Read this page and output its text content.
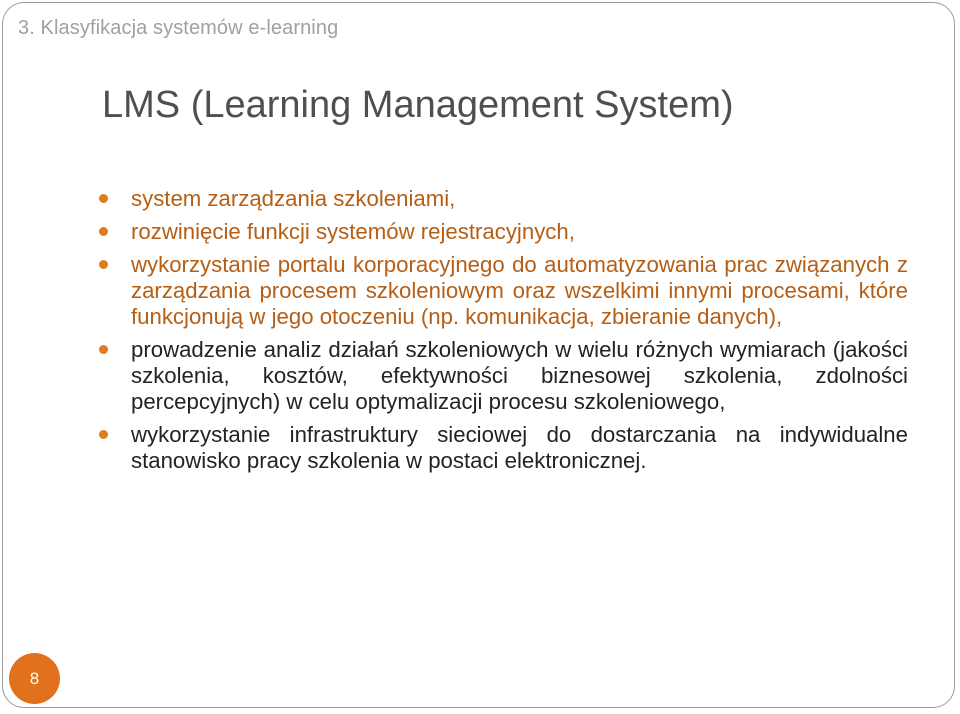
3. Klasyfikacja systemów e-learning
LMS (Learning Management System)
system zarządzania szkoleniami,
rozwinięcie funkcji systemów rejestracyjnych,
wykorzystanie portalu korporacyjnego do automatyzowania prac związanych z zarządzania procesem szkoleniowym oraz wszelkimi innymi procesami, które funkcjonują w jego otoczeniu (np. komunikacja, zbieranie danych),
prowadzenie analiz działań szkoleniowych w wielu różnych wymiarach (jakości szkolenia, kosztów, efektywności biznesowej szkolenia, zdolności percepcyjnych) w celu optymalizacji procesu szkoleniowego,
wykorzystanie infrastruktury sieciowej do dostarczania na indywidualne stanowisko pracy szkolenia w postaci elektronicznej.
8
